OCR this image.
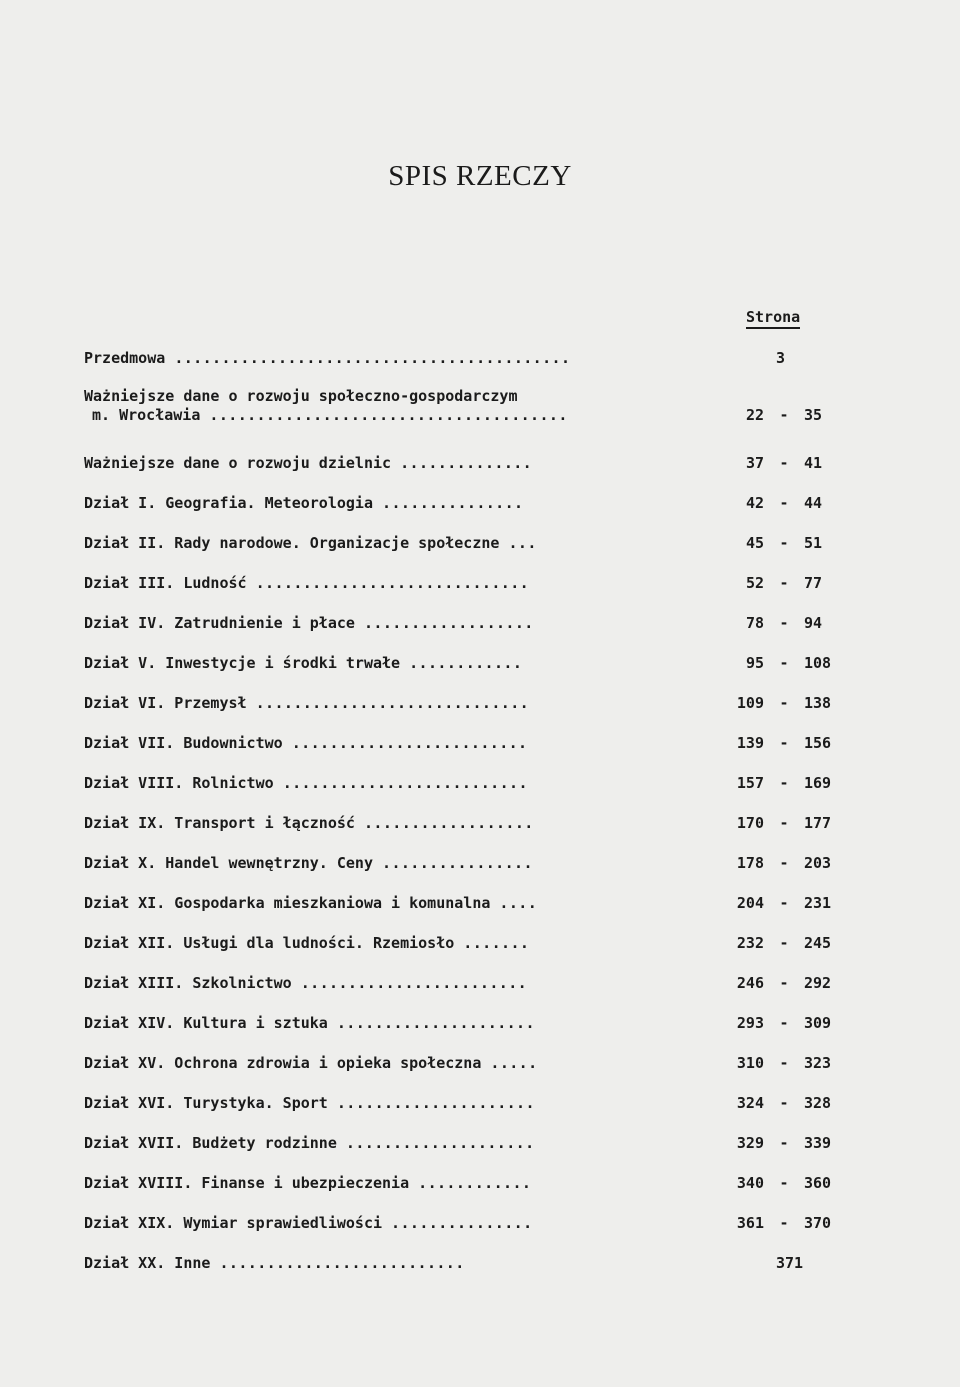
SPIS RZECZY
Strona
Przedmowa ..........................................	3
Ważniejsze dane o rozwoju społeczno-gospodarczym
m. Wrocławia ......................................	22 - 35
Ważniejsze dane o rozwoju dzielnic ..............	37 - 41
Dział I. Geografia. Meteorologia ...............	42 - 44
Dział II. Rady narodowe. Organizacje społeczne ...	45 - 51
Dział III. Ludność .............................	52 - 77
Dział IV. Zatrudnienie i płace ..................	78 - 94
Dział V. Inwestycje i środki trwałe ............	95 - 108
Dział VI. Przemysł .............................	109 - 138
Dział VII. Budownictwo .........................	139 - 156
Dział VIII. Rolnictwo ..........................	157 - 169
Dział IX. Transport i łączność ..................	170 - 177
Dział X. Handel wewnętrzny. Ceny ................	178 - 203
Dział XI. Gospodarka mieszkaniowa i komunalna ....	204 - 231
Dział XII. Usługi dla ludności. Rzemiosło .......	232 - 245
Dział XIII. Szkolnictwo ........................	246 - 292
Dział XIV. Kultura i sztuka .....................	293 - 309
Dział XV. Ochrona zdrowia i opieka społeczna .....	310 - 323
Dział XVI. Turystyka. Sport .....................	324 - 328
Dział XVII. Budżety rodzinne ....................	329 - 339
Dział XVIII. Finanse i ubezpieczenia ............	340 - 360
Dział XIX. Wymiar sprawiedliwości ...............	361 - 370
Dział XX. Inne ..........................	371
